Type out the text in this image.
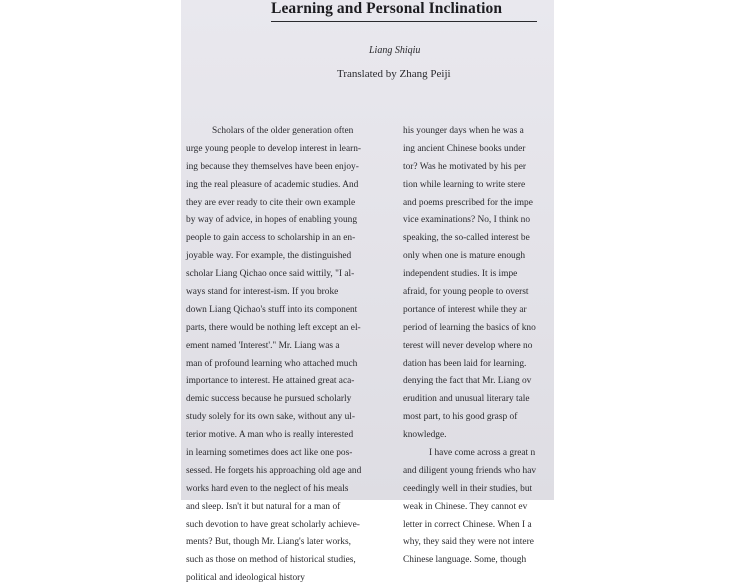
Learning and Personal Inclination
Liang Shiqiu
Translated by Zhang Peiji
Scholars of the older generation often
urge young people to develop interest in learn-
ing because they themselves have been enjoy-
ing the real pleasure of academic studies. And
they are ever ready to cite their own example
by way of advice, in hopes of enabling young
people to gain access to scholarship in an en-
joyable way. For example, the distinguished
scholar Liang Qichao once said wittily, "I al-
ways stand for interest-ism. If you broke
down Liang Qichao's stuff into its component
parts, there would be nothing left except an el-
ement named 'Interest'." Mr. Liang was a
man of profound learning who attached much
importance to interest. He attained great aca-
demic success because he pursued scholarly
study solely for its own sake, without any ul-
terior motive. A man who is really interested
in learning sometimes does act like one pos-
sessed. He forgets his approaching old age and
works hard even to the neglect of his meals
and sleep. Isn't it but natural for a man of
such devotion to have great scholarly achieve-
ments? But, though Mr. Liang's later works,
such as those on method of historical studies,
political and ideological history
his younger days when he was a
ing ancient Chinese books under
tor? Was he motivated by his per
tion while learning to write stere
and poems prescribed for the impe
vice examinations? No, I think no
speaking, the so-called interest be
only when one is mature enough
independent studies. It is impe
afraid, for young people to overst
portance of interest while they ar
period of learning the basics of kno
terest will never develop where no
dation has been laid for learning.
denying the fact that Mr. Liang ov
erudition and unusual literary tale
most part, to his good grasp of
knowledge.
I have come across a great n
and diligent young friends who hav
ceedingly well in their studies, but
weak in Chinese. They cannot ev
letter in correct Chinese. When I a
why, they said they were not intere
Chinese language. Some, though
